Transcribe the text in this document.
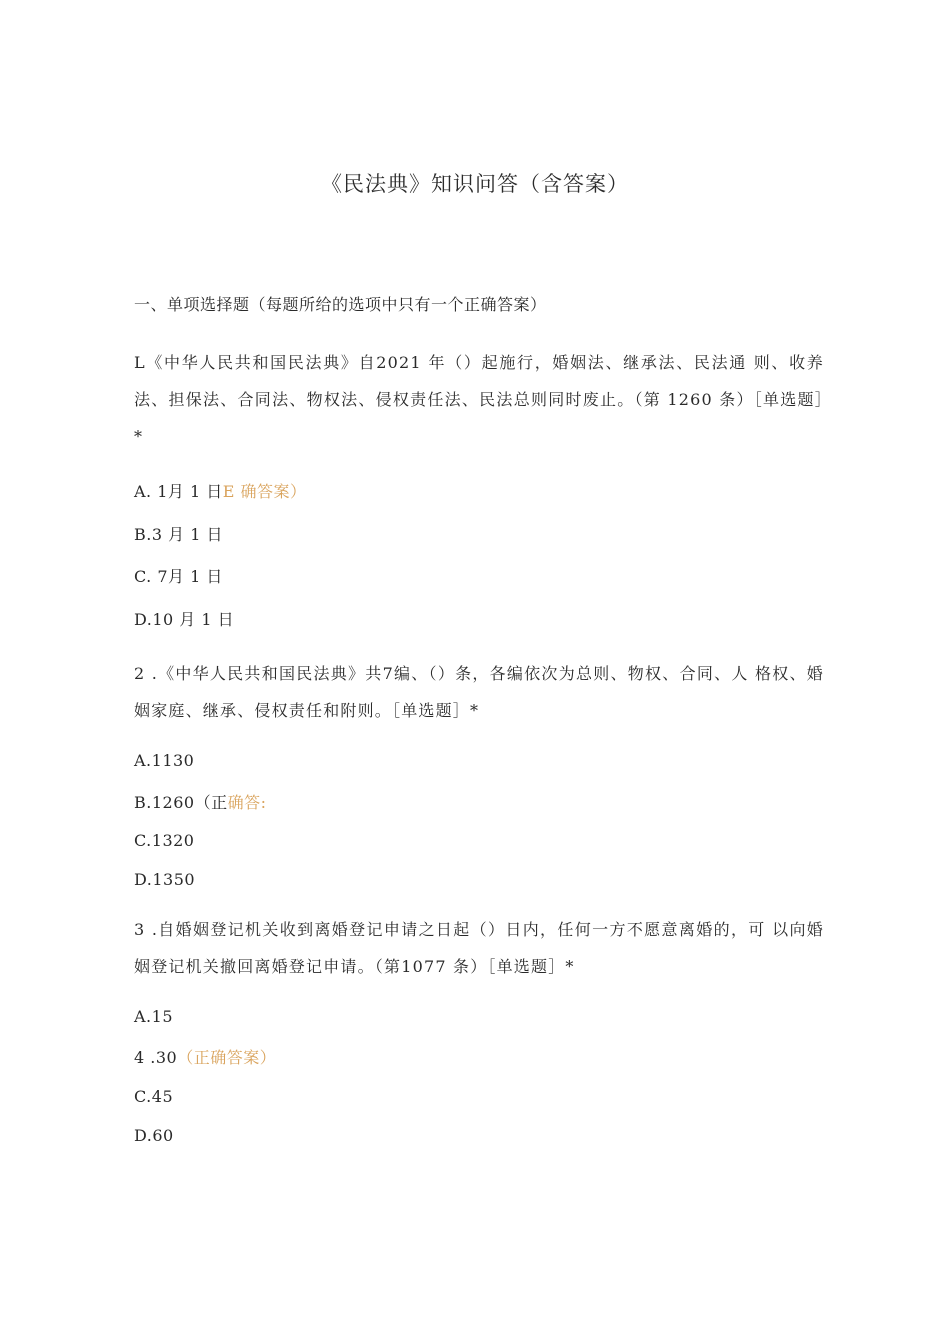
《民法典》知识问答（含答案）
一、单项选择题（每题所给的选项中只有一个正确答案）
L《中华人民共和国民法典》自2021 年（）起施行，婚姻法、继承法、民法通 则、收养法、担保法、合同法、物权法、侵权责任法、民法总则同时废止。（第 1260 条）［单选题］*
A. 1月 1 日E 确答案）
B.3 月 1 日
C. 7月 1 日
D.10 月 1 日
2 .《中华人民共和国民法典》共7编、（）条，各编依次为总则、物权、合同、人 格权、婚姻家庭、继承、侵权责任和附则。［单选题］*
A.1130
B.1260（正确答:
C.1320
D.1350
3 .自婚姻登记机关收到离婚登记申请之日起（）日内，任何一方不愿意离婚的，可 以向婚姻登记机关撤回离婚登记申请。（第1077 条）［单选题］*
A.15
4 .30（正确答案）
C.45
D.60
